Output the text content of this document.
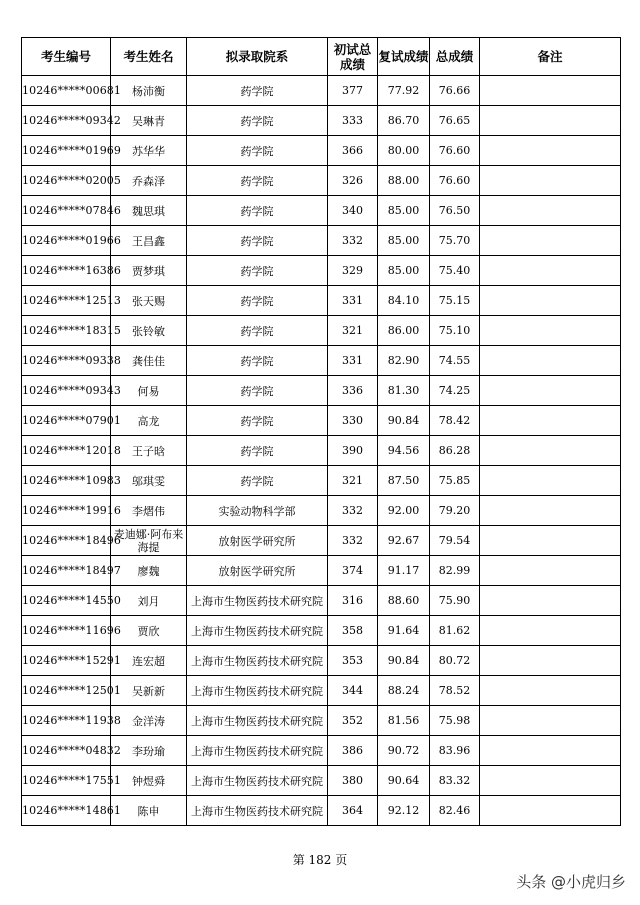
考生编号	考生姓名	拟录取院系	初试总成绩	复试成绩	总成绩	备注
10246*****00681	杨沛衡	药学院	377	77.92	76.66	
10246*****09342	吴琳青	药学院	333	86.70	76.65	
10246*****01969	苏华华	药学院	366	80.00	76.60	
10246*****02005	乔森泽	药学院	326	88.00	76.60	
10246*****07846	魏思琪	药学院	340	85.00	76.50	
10246*****01966	王昌鑫	药学院	332	85.00	75.70	
10246*****16386	贾梦琪	药学院	329	85.00	75.40	
10246*****12513	张天赐	药学院	331	84.10	75.15	
10246*****18315	张铃敏	药学院	321	86.00	75.10	
10246*****09338	龚佳佳	药学院	331	82.90	74.55	
10246*****09343	何易	药学院	336	81.30	74.25	
10246*****07901	高龙	药学院	330	90.84	78.42	
10246*****12018	王子晗	药学院	390	94.56	86.28	
10246*****10983	邬琪雯	药学院	321	87.50	75.85	
10246*****19916	李熠伟	实验动物科学部	332	92.00	79.20	
10246*****18496	麦迪娜·阿布来海提	放射医学研究所	332	92.67	79.54	
10246*****18497	廖魏	放射医学研究所	374	91.17	82.99	
10246*****14550	刘月	上海市生物医药技术研究院	316	88.60	75.90	
10246*****11696	贾欣	上海市生物医药技术研究院	358	91.64	81.62	
10246*****15291	连宏超	上海市生物医药技术研究院	353	90.84	80.72	
10246*****12501	吴新新	上海市生物医药技术研究院	344	88.24	78.52	
10246*****11938	金洋涛	上海市生物医药技术研究院	352	81.56	75.98	
10246*****04832	李玢瑜	上海市生物医药技术研究院	386	90.72	83.96	
10246*****17551	钟煜舜	上海市生物医药技术研究院	380	90.64	83.32	
10246*****14861	陈申	上海市生物医药技术研究院	364	92.12	82.46	
第 182 页
头条 @小虎归乡
